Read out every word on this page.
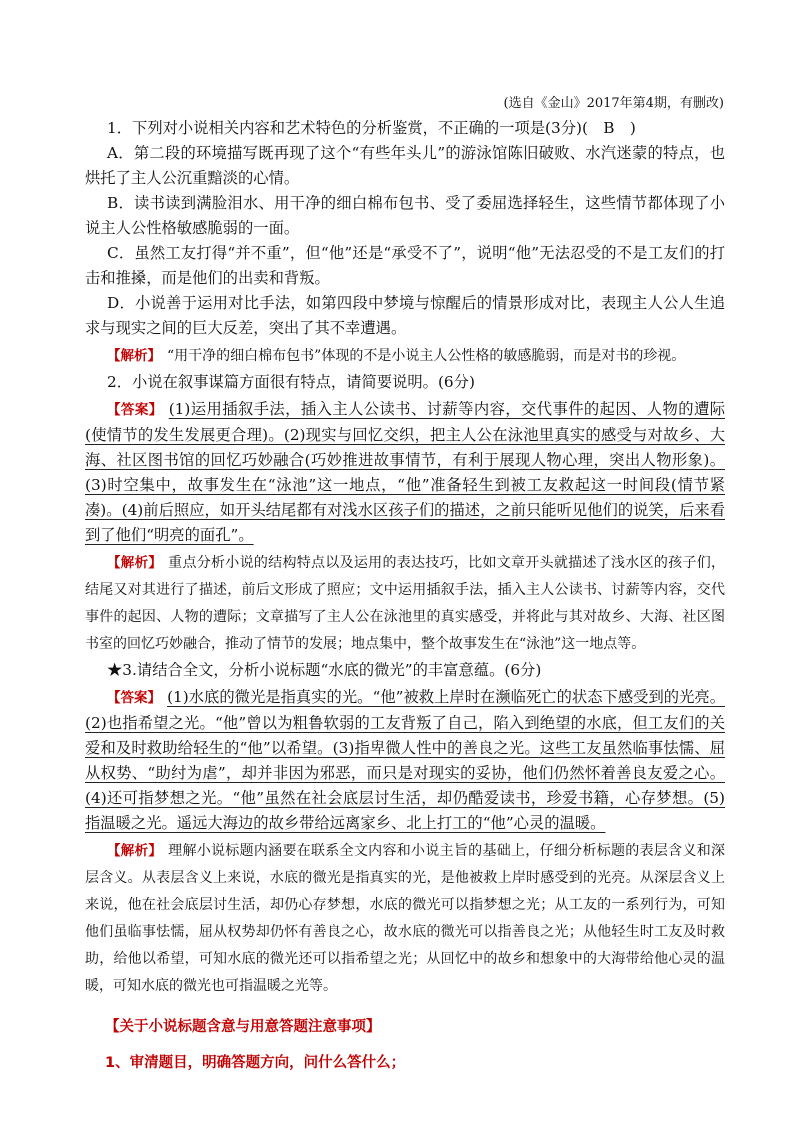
(选自《金山》2017年第4期，有删改)

1．下列对小说相关内容和艺术特色的分析鉴赏，不正确的一项是(3分)(　B　)

A．第二段的环境描写既再现了这个“有些年头儿”的游泳馆陈旧破败、水汽迷蒙的特点，也烘托了主人公沉重黯淡的心情。

B．读书读到满脸泪水、用干净的细白棉布包书、受了委屈选择轻生，这些情节都体现了小说主人公性格敏感脆弱的一面。

C．虽然工友打得“并不重”，但“他”还是“承受不了”，说明“他”无法忍受的不是工友们的打击和推搡，而是他们的出卖和背叛。

D．小说善于运用对比手法，如第四段中梦境与惊醒后的情景形成对比，表现主人公人生追求与现实之间的巨大反差，突出了其不幸遭遇。

【解析】 “用干净的细白棉布包书”体现的不是小说主人公性格的敏感脆弱，而是对书的珍视。

2．小说在叙事谋篇方面很有特点，请简要说明。(6分)

【答案】 (1)运用插叙手法，插入主人公读书、讨薪等内容，交代事件的起因、人物的遭际(使情节的发生发展更合理)。(2)现实与回忆交织，把主人公在泳池里真实的感受与对故乡、大海、社区图书馆的回忆巧妙融合(巧妙推进故事情节，有利于展现人物心理，突出人物形象)。(3)时空集中，故事发生在“泳池”这一地点，“他”准备轻生到被工友救起这一时间段(情节紧凑)。(4)前后照应，如开头结尾都有对浅水区孩子们的描述，之前只能听见他们的说笑，后来看到了他们“明亮的面孔”。

【解析】 重点分析小说的结构特点以及运用的表达技巧，比如文章开头就描述了浅水区的孩子们，结尾又对其进行了描述，前后文形成了照应；文中运用插叙手法，插入主人公读书、讨薪等内容，交代事件的起因、人物的遭际；文章描写了主人公在泳池里的真实感受，并将此与其对故乡、大海、社区图书室的回忆巧妙融合，推动了情节的发展；地点集中，整个故事发生在“泳池”这一地点等。

★3.请结合全文，分析小说标题“水底的微光”的丰富意蕴。(6分)

【答案】 (1)水底的微光是指真实的光。“他”被救上岸时在濒临死亡的状态下感受到的光亮。(2)也指希望之光。“他”曾以为粗鲁软弱的工友背叛了自己，陷入到绝望的水底，但工友们的关爱和及时救助给轻生的“他”以希望。(3)指卑微人性中的善良之光。这些工友虽然临事怯懦、屈从权势、“助纣为虐”，却并非因为邪恶，而只是对现实的妥协，他们仍然怀着善良友爱之心。(4)还可指梦想之光。“他”虽然在社会底层讨生活，却仍酷爱读书，珍爱书籍，心存梦想。(5)指温暖之光。遥远大海边的故乡带给远离家乡、北上打工的“他”心灵的温暖。

【解析】 理解小说标题内涵要在联系全文内容和小说主旨的基础上，仔细分析标题的表层含义和深层含义。从表层含义上来说，水底的微光是指真实的光，是他被救上岸时感受到的光亮。从深层含义上来说，他在社会底层讨生活，却仍心存梦想，水底的微光可以指梦想之光；从工友的一系列行为，可知他们虽临事怯懦，屈从权势却仍怀有善良之心，故水底的微光可以指善良之光；从他轻生时工友及时救助，给他以希望，可知水底的微光还可以指希望之光；从回忆中的故乡和想象中的大海带给他心灵的温暖，可知水底的微光也可指温暖之光等。

【关于小说标题含意与用意答题注意事项】
1、审清题目，明确答题方向，问什么答什么；
